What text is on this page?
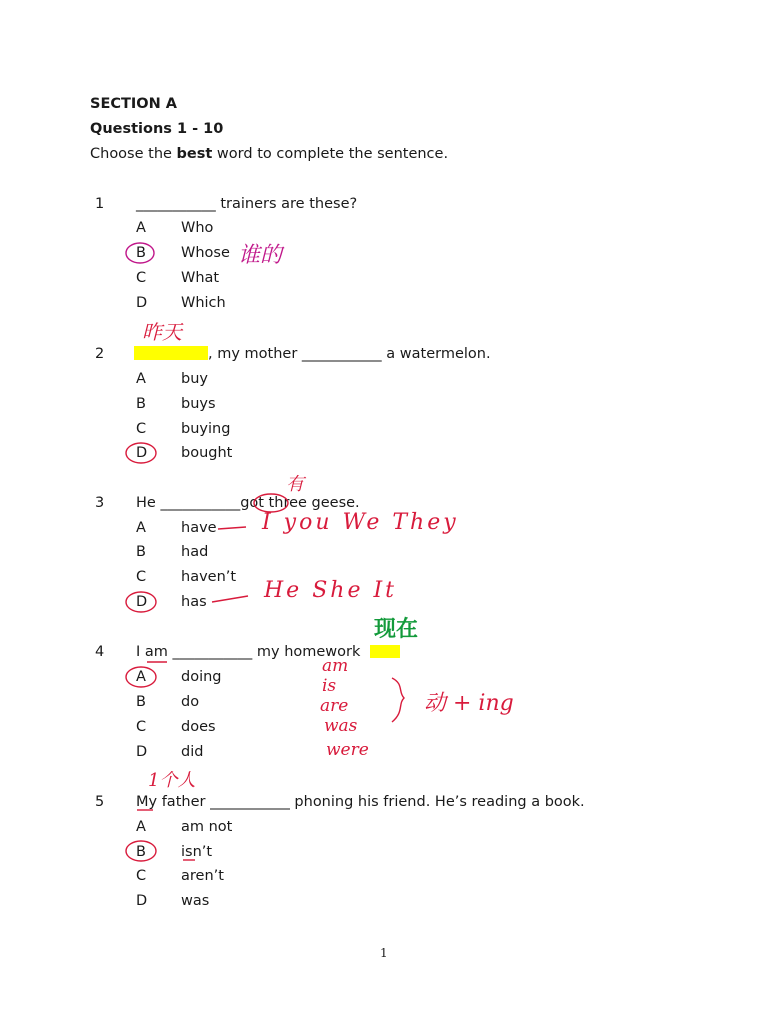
SECTION A
Questions 1 - 10
Choose the best word to complete the sentence.
1 ___________ trainers are these?
A Who
B Whose
C What
D Which
谁的
昨天
2	, my mother ___________ a watermelon.
A buy
B buys
C buying
D bought
有
3 He ___________got three geese.
A have
B had
C haven’t
D has
I you We They
He She It
现在
4 I am ___________ my homework
A doing
B do
C does
D did
am
is
are
was
were
动 + ing
1个人
5 My father ___________ phoning his friend. He’s reading a book.
A am not
B isn’t
C aren’t
D was
1
